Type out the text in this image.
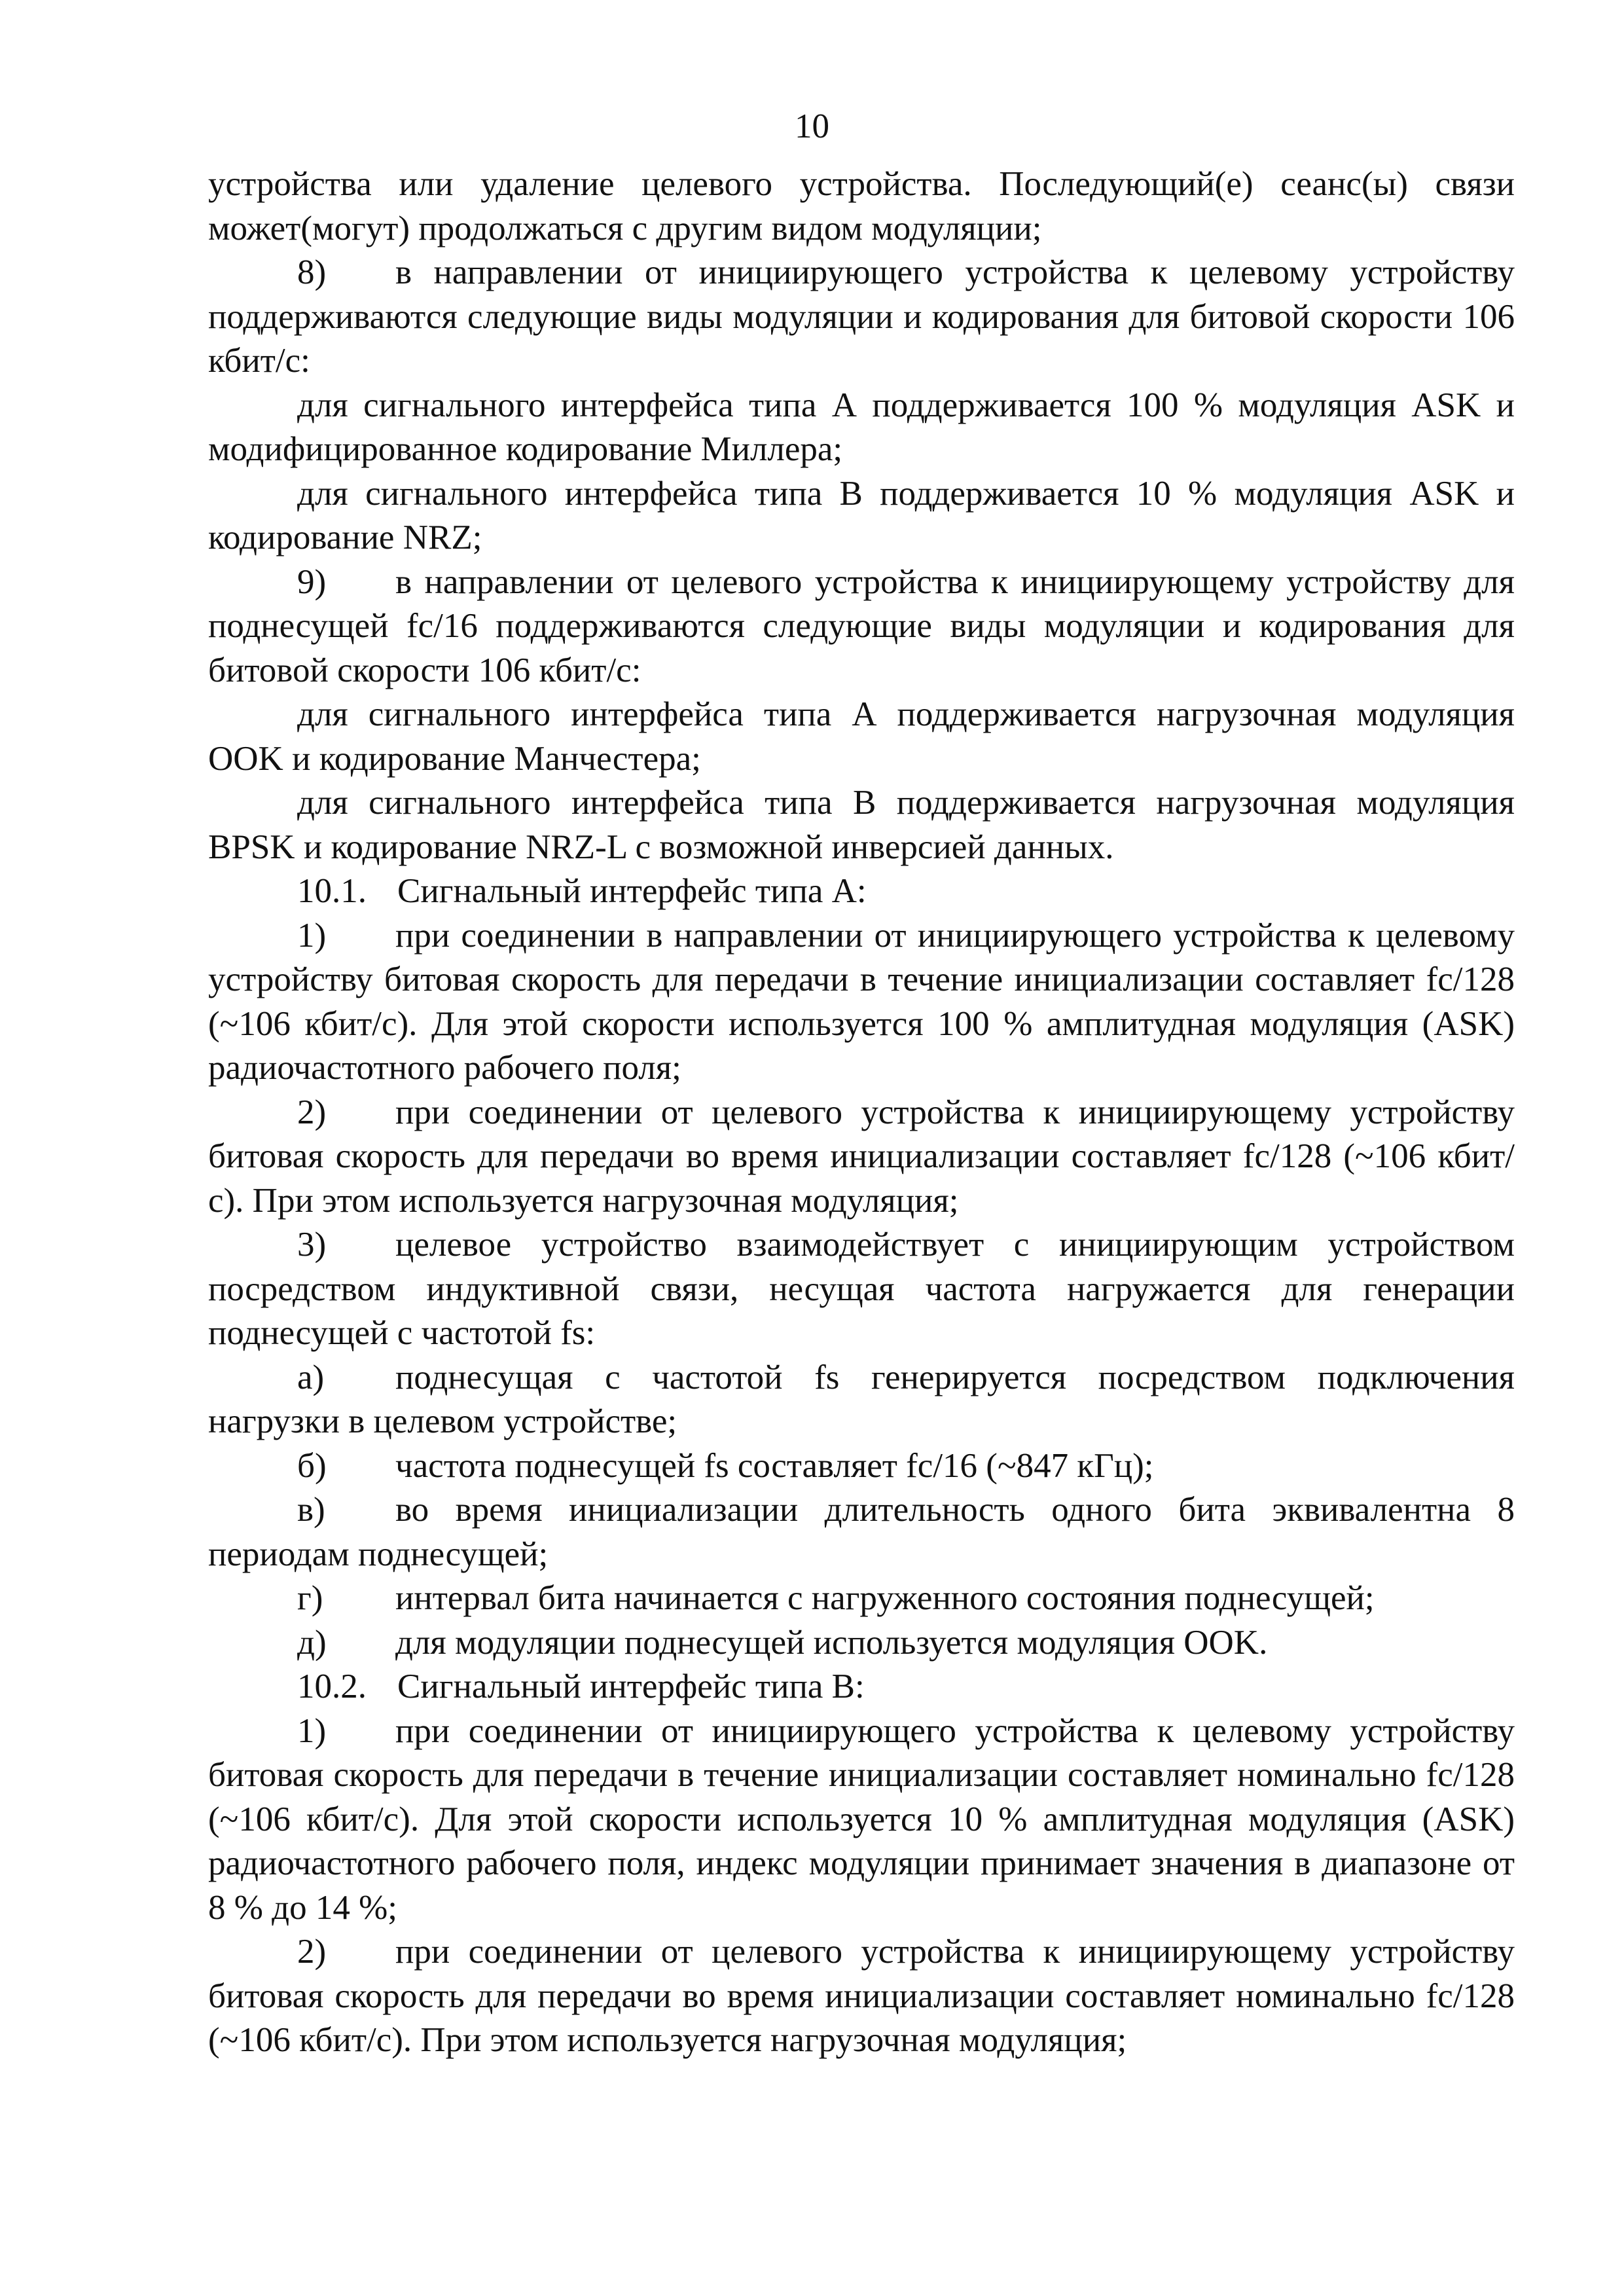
10

устройства или удаление целевого устройства. Последующий(е) сеанс(ы) связи может(могут) продолжаться с другим видом модуляции;

8) в направлении от инициирующего устройства к целевому устройству поддерживаются следующие виды модуляции и кодирования для битовой скорости 106 кбит/с:

для сигнального интерфейса типа А поддерживается 100 % модуляция ASK и модифицированное кодирование Миллера;

для сигнального интерфейса типа В поддерживается 10 % модуляция ASK и кодирование NRZ;

9) в направлении от целевого устройства к инициирующему устройству для поднесущей fc/16 поддерживаются следующие виды модуляции и кодирования для битовой скорости 106 кбит/с:

для сигнального интерфейса типа А поддерживается нагрузочная модуляция OOK и кодирование Манчестера;

для сигнального интерфейса типа В поддерживается нагрузочная модуляция BPSK и кодирование NRZ-L с возможной инверсией данных.

10.1. Сигнальный интерфейс типа А:

1) при соединении в направлении от инициирующего устройства к целевому устройству битовая скорость для передачи в течение инициализации составляет fc/128 (~106 кбит/с). Для этой скорости используется 100 % амплитудная модуляция (ASK) радиочастотного рабочего поля;

2) при соединении от целевого устройства к инициирующему устройству битовая скорость для передачи во время инициализации составляет fc/128 (~106 кбит/с). При этом используется нагрузочная модуляция;

3) целевое устройство взаимодействует с инициирующим устройством посредством индуктивной связи, несущая частота нагружается для генерации поднесущей с частотой fs:

а) поднесущая с частотой fs генерируется посредством подключения нагрузки в целевом устройстве;

б) частота поднесущей fs составляет fc/16 (~847 кГц);

в) во время инициализации длительность одного бита эквивалентна 8 периодам поднесущей;

г) интервал бита начинается с нагруженного состояния поднесущей;

д) для модуляции поднесущей используется модуляция OOK.

10.2. Сигнальный интерфейс типа В:

1) при соединении от инициирующего устройства к целевому устройству битовая скорость для передачи в течение инициализации составляет номинально fc/128 (~106 кбит/с). Для этой скорости используется 10 % амплитудная модуляция (ASK) радиочастотного рабочего поля, индекс модуляции принимает значения в диапазоне от 8 % до 14 %;

2) при соединении от целевого устройства к инициирующему устройству битовая скорость для передачи во время инициализации составляет номинально fc/128 (~106 кбит/с). При этом используется нагрузочная модуляция;
